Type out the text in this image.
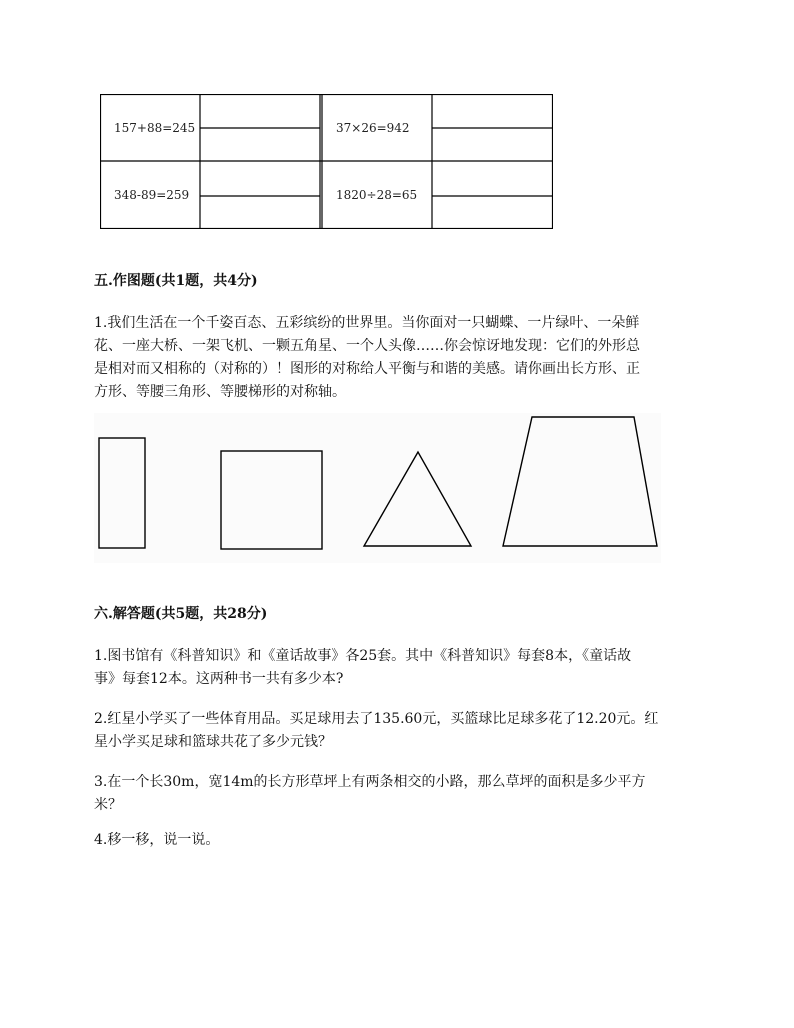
157+88=245	37×26=942
348-89=259	1820÷28=65
五.作图题(共1题，共4分)
1.我们生活在一个千姿百态、五彩缤纷的世界里。当你面对一只蝴蝶、一片绿叶、一朵鲜
花、一座大桥、一架飞机、一颗五角星、一个人头像……你会惊讶地发现：它们的外形总
是相对而又相称的（对称的）！图形的对称给人平衡与和谐的美感。请你画出长方形、正
方形、等腰三角形、等腰梯形的对称轴。
六.解答题(共5题，共28分)
1.图书馆有《科普知识》和《童话故事》各25套。其中《科普知识》每套8本，《童话故
事》每套12本。这两种书一共有多少本?
2.红星小学买了一些体育用品。买足球用去了135.60元，买篮球比足球多花了12.20元。红
星小学买足球和篮球共花了多少元钱？
3.在一个长30m，宽14m的长方形草坪上有两条相交的小路，那么草坪的面积是多少平方
米？
4.移一移，说一说。
